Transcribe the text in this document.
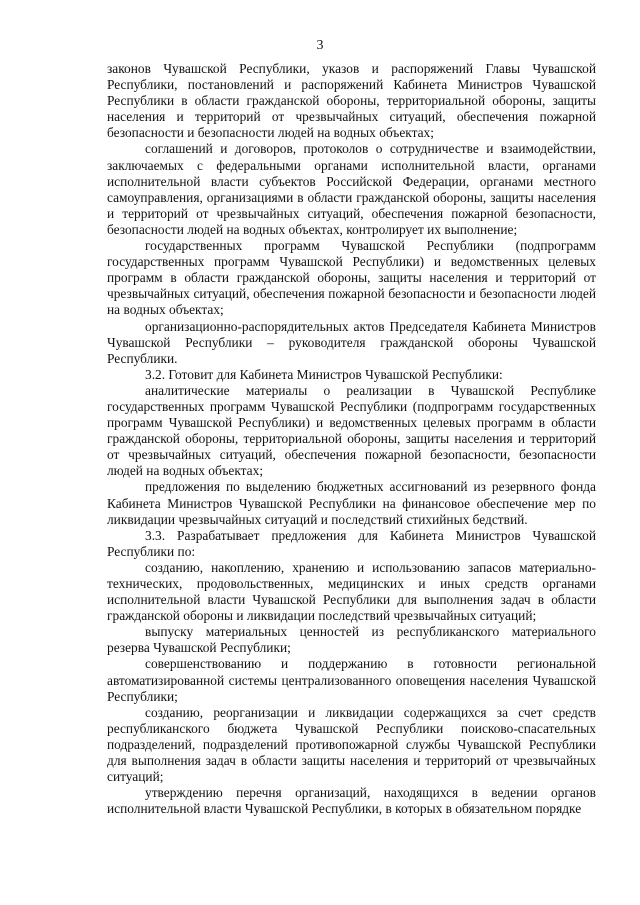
3

законов Чувашской Республики, указов и распоряжений Главы Чувашской Республики, постановлений и распоряжений Кабинета Министров Чувашской Республики в области гражданской обороны, территориальной обороны, защиты населения и территорий от чрезвычайных ситуаций, обеспечения пожарной безопасности и безопасности людей на водных объектах;

соглашений и договоров, протоколов о сотрудничестве и взаимодействии, заключаемых с федеральными органами исполнительной власти, органами исполнительной власти субъектов Российской Федерации, органами местного самоуправления, организациями в области гражданской обороны, защиты населения и территорий от чрезвычайных ситуаций, обеспечения пожарной безопасности, безопасности людей на водных объектах, контролирует их выполнение;

государственных программ Чувашской Республики (подпрограмм государственных программ Чувашской Республики) и ведомственных целевых программ в области гражданской обороны, защиты населения и территорий от чрезвычайных ситуаций, обеспечения пожарной безопасности и безопасности людей на водных объектах;

организационно-распорядительных актов Председателя Кабинета Министров Чувашской Республики – руководителя гражданской обороны Чувашской Республики.

3.2. Готовит для Кабинета Министров Чувашской Республики:

аналитические материалы о реализации в Чувашской Республике государственных программ Чувашской Республики (подпрограмм государственных программ Чувашской Республики) и ведомственных целевых программ в области гражданской обороны, территориальной обороны, защиты населения и территорий от чрезвычайных ситуаций, обеспечения пожарной безопасности, безопасности людей на водных объектах;

предложения по выделению бюджетных ассигнований из резервного фонда Кабинета Министров Чувашской Республики на финансовое обеспечение мер по ликвидации чрезвычайных ситуаций и последствий стихийных бедствий.

3.3. Разрабатывает предложения для Кабинета Министров Чувашской Республики по:

созданию, накоплению, хранению и использованию запасов материально-технических, продовольственных, медицинских и иных средств органами исполнительной власти Чувашской Республики для выполнения задач в области гражданской обороны и ликвидации последствий чрезвычайных ситуаций;

выпуску материальных ценностей из республиканского материального резерва Чувашской Республики;

совершенствованию и поддержанию в готовности региональной автоматизированной системы централизованного оповещения населения Чувашской Республики;

созданию, реорганизации и ликвидации содержащихся за счет средств республиканского бюджета Чувашской Республики поисково-спасательных подразделений, подразделений противопожарной службы Чувашской Республики для выполнения задач в области защиты населения и территорий от чрезвычайных ситуаций;

утверждению перечня организаций, находящихся в ведении органов исполнительной власти Чувашской Республики, в которых в обязательном порядке
